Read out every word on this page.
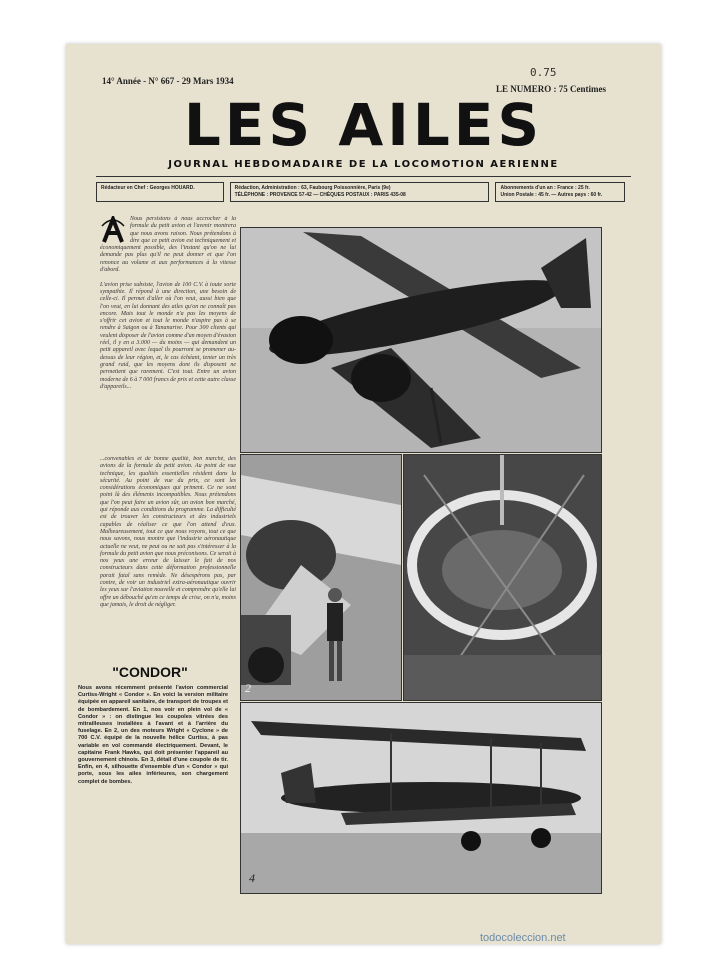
14° Année - N° 667 - 29 Mars 1934
0.75
LE NUMERO : 75 Centimes
LES AILES
JOURNAL HEBDOMADAIRE DE LA LOCOMOTION AERIENNE
Rédacteur en Chef : Georges HOUARD.	Rédaction, Administration : 63, Faubourg Poissonnière, Paris (9e)
TÉLÉPHONE : PROVENCE 57-42 — CHÈQUES POSTAUX : PARIS 435-08
Abonnements d'un an : France : 25 fr.
Union Postale : 45 fr. — Autres pays : 60 fr.
Nous persistons à nous accrocher à la formule du petit avion et l'avenir montrera que nous avons raison. Nous prétendons à dire que ce petit avion est techniquement et économiquement possible, des l'instant qu'on ne lui demande pas plus qu'il ne peut donner et que l'on renonce au volume et aux performances à la vitesse d'abord.

L'avion prise subsiste, l'avion de 100 C.V. à toute sorte sympathie. Il répond à une direction, une besoin de celle-ci. Il permet d'aller où l'on veut, aussi bien que l'on veut, en lui donnant des ailes qu'on ne connaît pas encore. Mais tout le monde n'a pas les moyens de s'offrir cet avion et tout le monde n'aspire pas à se rendre à Saigon ou à Tananarive. Pour 300 clients qui veulent disposer de l'avion comme d'un moyen d'évasion réel, il y en a 3.000 — du moins — qui demandent un petit appareil avec lequel ils pourront se promener au-dessus de leur région, et, le cas échéant, tenter un très grand raid, que les moyens dont ils disposent ne permettent que rarement. C'est tout. Entre un avion moderne de 6 à 7 000 francs de prix et cette autre classe d'appareils...
...convenables et de bonne qualité, bon marché, des avions de la formule du petit avion. Au point de vue technique, les qualités essentielles résident dans la sécurité. Au point de vue du prix, ce sont les considérations économiques qui priment. Ce ne sont point là des éléments incompatibles. Nous prétendons que l'on peut faire un avion sûr, un avion bon marché, qui réponde aux conditions du programme. La difficulté est de trouver les constructeurs et des industriels capables de réaliser ce que l'on attend d'eux. Malheureusement, tout ce que nous voyons, tout ce que nous savons, nous montre que l'industrie aéronautique actuelle ne veut, ne peut ou ne sait pas s'intéresser à la formule du petit avion que nous préconisons. Ce serait à nos yeux une erreur de laisser le fait de nos constructeurs dans cette déformation professionnelle parait fatal sans remède. Ne désespérons pas, par contre, de voir un industriel extra-aéronautique ouvrir les yeux sur l'aviation nouvelle et comprendre qu'elle lui offre un débouché qu'en ce temps de crise, on n'a, moins que jamais, le droit de négliger.
2
4
"CONDOR"
Nous avons récemment présenté l'avion commercial Curtiss-Wright « Condor ». En voici la version militaire équipée en appareil sanitaire, de transport de troupes et de bombardement. En 1, nos voir en plein vol de « Condor » : on distingue les coupoles vitrées des mitrailleuses installées à l'avant et à l'arrière du fuselage. En 2, un des moteurs Wright « Cyclone » de 700 C.V. équipé de la nouvelle hélice Curtiss, à pas variable en vol commandé électriquement. Devant, le capitaine Frank Hawks, qui doit présenter l'appareil au gouvernement chinois. En 3, détail d'une coupole de tir. Enfin, en 4, silhouette d'ensemble d'un « Condor » qui porte, sous les ailes inférieures, son chargement complet de bombes.
todocoleccion.net
